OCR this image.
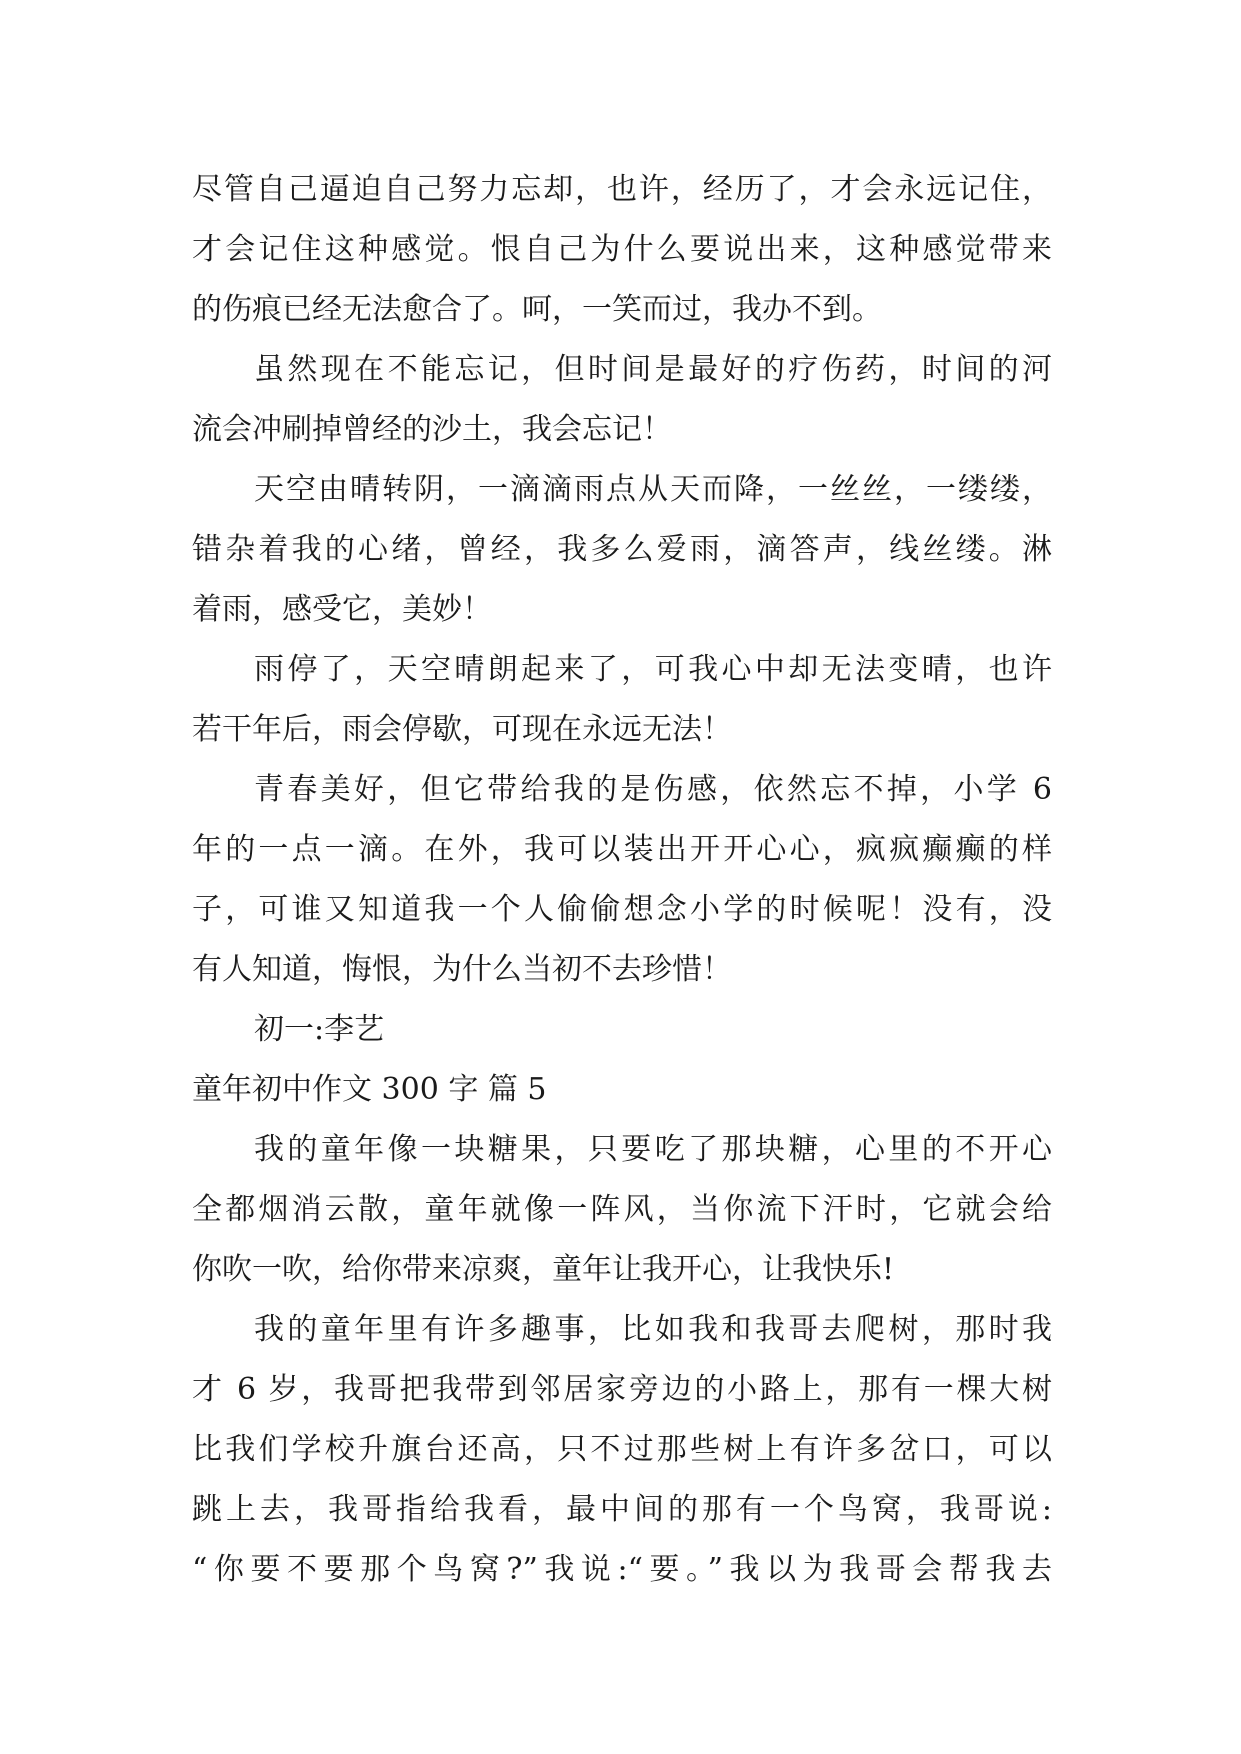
尽管自己逼迫自己努力忘却，也许，经历了，才会永远记住，
才会记住这种感觉。恨自己为什么要说出来，这种感觉带来
的伤痕已经无法愈合了。呵，一笑而过，我办不到。
虽然现在不能忘记，但时间是最好的疗伤药，时间的河
流会冲刷掉曾经的沙土，我会忘记！
天空由晴转阴，一滴滴雨点从天而降，一丝丝，一缕缕，
错杂着我的心绪，曾经，我多么爱雨，滴答声，线丝缕。淋
着雨，感受它，美妙！
雨停了，天空晴朗起来了，可我心中却无法变晴，也许
若干年后，雨会停歇，可现在永远无法！
青春美好，但它带给我的是伤感，依然忘不掉，小学 6
年的一点一滴。在外，我可以装出开开心心，疯疯癫癫的样
子，可谁又知道我一个人偷偷想念小学的时候呢！没有，没
有人知道，悔恨，为什么当初不去珍惜！
初一:李艺
童年初中作文 300 字 篇 5
我的童年像一块糖果，只要吃了那块糖，心里的不开心
全都烟消云散，童年就像一阵风，当你流下汗时，它就会给
你吹一吹，给你带来凉爽，童年让我开心，让我快乐!
我的童年里有许多趣事，比如我和我哥去爬树，那时我
才 6 岁，我哥把我带到邻居家旁边的小路上，那有一棵大树
比我们学校升旗台还高，只不过那些树上有许多岔口，可以
跳上去，我哥指给我看，最中间的那有一个鸟窝，我哥说:
“你要不要那个鸟窝?”我说:“要。”我以为我哥会帮我去
